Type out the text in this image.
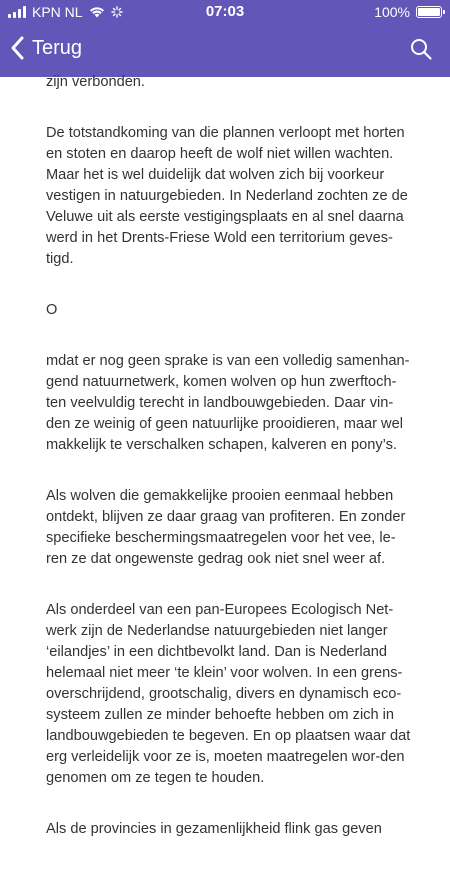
KPN NL	07:03	100%
Terug

zijn verbonden.

De totstandkoming van die plannen verloopt met horten en stoten en daarop heeft de wolf niet willen wachten. Maar het is wel duidelijk dat wolven zich bij voorkeur vestigen in natuurgebieden. In Nederland zochten ze de Veluwe uit als eerste vestigingsplaats en al snel daarna werd in het Drents-Friese Wold een territorium geves-tigd.

O

mdat er nog geen sprake is van een volledig samenhan-gend natuurnetwerk, komen wolven op hun zwerftoch-ten veelvuldig terecht in landbouwgebieden. Daar vin-den ze weinig of geen natuurlijke prooidieren, maar wel makkelijk te verschalken schapen, kalveren en pony’s.

Als wolven die gemakkelijke prooien eenmaal hebben ontdekt, blijven ze daar graag van profiteren. En zonder specifieke beschermingsmaatregelen voor het vee, le-ren ze dat ongewenste gedrag ook niet snel weer af.

Als onderdeel van een pan-Europees Ecologisch Net-werk zijn de Nederlandse natuurgebieden niet langer ‘eilandjes’ in een dichtbevolkt land. Dan is Nederland helemaal niet meer ‘te klein’ voor wolven. In een grens-overschrijdend, grootschalig, divers en dynamisch eco-systeem zullen ze minder behoefte hebben om zich in landbouwgebieden te begeven. En op plaatsen waar dat erg verleidelijk voor ze is, moeten maatregelen wor-den genomen om ze tegen te houden.

Als de provincies in gezamenlijkheid flink gas geven
